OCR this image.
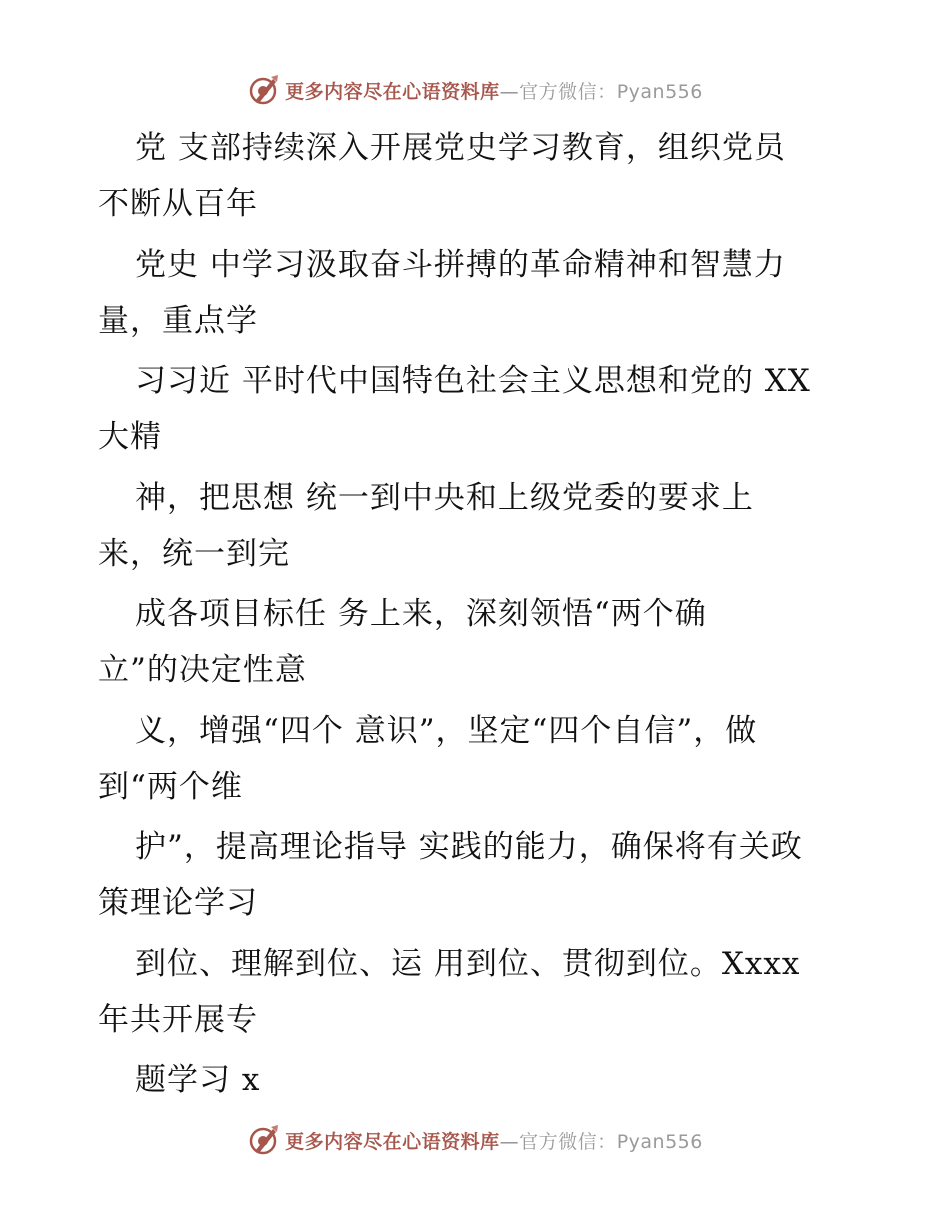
更多内容尽在心语资料库—官方微信：Pyan556
党 支部持续深入开展党史学习教育，组织党员
不断从百年
党史 中学习汲取奋斗拼搏的革命精神和智慧力
量，重点学
习习近 平时代中国特色社会主义思想和党的 XX
大精
神，把思想 统一到中央和上级党委的要求上
来，统一到完
成各项目标任 务上来，深刻领悟“两个确
立”的决定性意
义，增强“四个 意识”，坚定“四个自信”，做
到“两个维
护”，提高理论指导 实践的能力，确保将有关政
策理论学习
到位、理解到位、运 用到位、贯彻到位。Xxxx
年共开展专
题学习 x
更多内容尽在心语资料库—官方微信：Pyan556
